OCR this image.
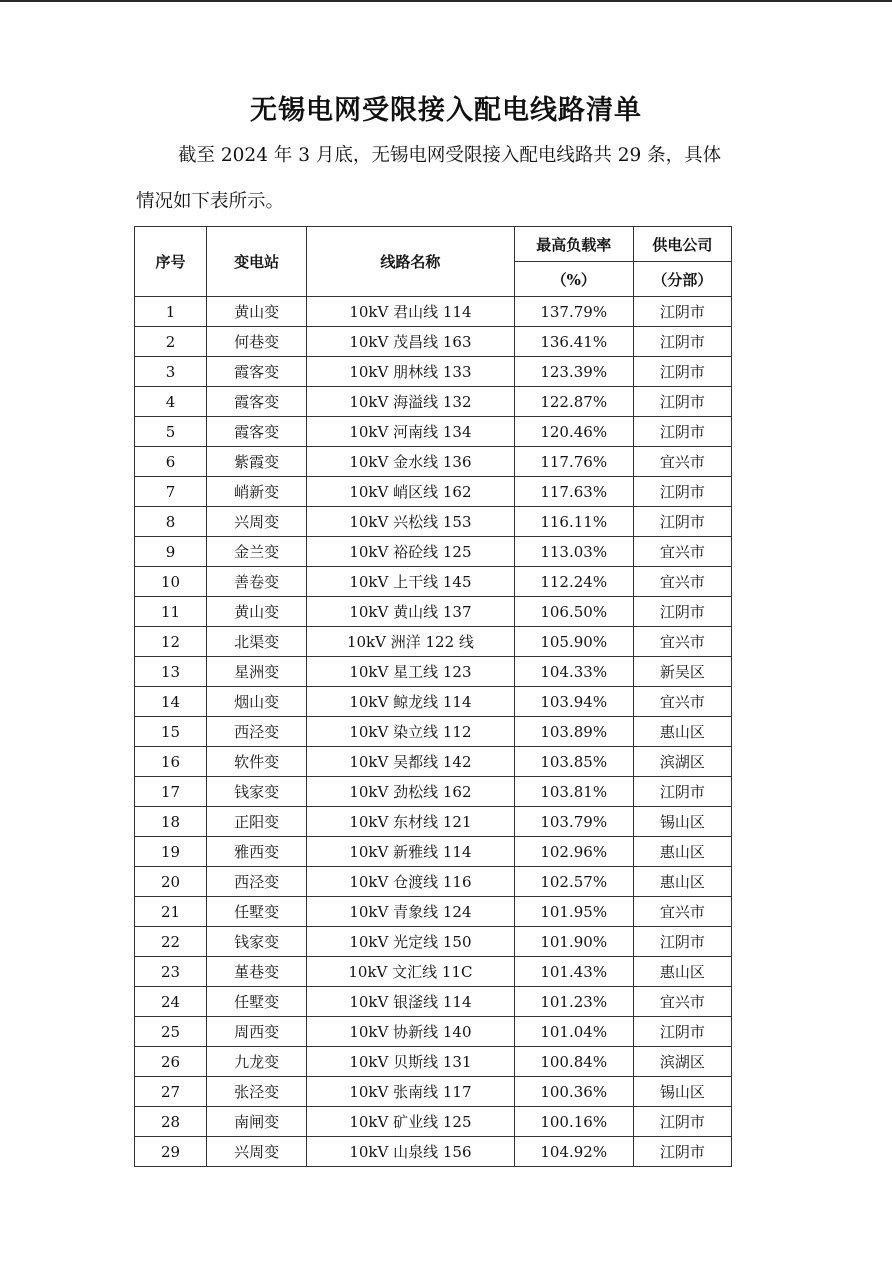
无锡电网受限接入配电线路清单
截至 2024 年 3 月底，无锡电网受限接入配电线路共 29 条，具体
情况如下表所示。
序号	变电站	线路名称	最高负载率	供电公司
			（%）	（分部）
1	黄山变	10kV 君山线 114	137.79%	江阴市
2	何巷变	10kV 茂昌线 163	136.41%	江阴市
3	霞客变	10kV 朋林线 133	123.39%	江阴市
4	霞客变	10kV 海溢线 132	122.87%	江阴市
5	霞客变	10kV 河南线 134	120.46%	江阴市
6	紫霞变	10kV 金水线 136	117.76%	宜兴市
7	峭新变	10kV 峭区线 162	117.63%	江阴市
8	兴周变	10kV 兴松线 153	116.11%	江阴市
9	金兰变	10kV 裕砼线 125	113.03%	宜兴市
10	善卷变	10kV 上干线 145	112.24%	宜兴市
11	黄山变	10kV 黄山线 137	106.50%	江阴市
12	北渠变	10kV 洲洋 122 线	105.90%	宜兴市
13	星洲变	10kV 星工线 123	104.33%	新吴区
14	烟山变	10kV 鲸龙线 114	103.94%	宜兴市
15	西泾变	10kV 染立线 112	103.89%	惠山区
16	软件变	10kV 吴都线 142	103.85%	滨湖区
17	钱家变	10kV 劲松线 162	103.81%	江阴市
18	正阳变	10kV 东材线 121	103.79%	锡山区
19	雅西变	10kV 新雅线 114	102.96%	惠山区
20	西泾变	10kV 仓渡线 116	102.57%	惠山区
21	任墅变	10kV 青象线 124	101.95%	宜兴市
22	钱家变	10kV 光定线 150	101.90%	江阴市
23	堇巷变	10kV 文汇线 11C	101.43%	惠山区
24	任墅变	10kV 银滏线 114	101.23%	宜兴市
25	周西变	10kV 协新线 140	101.04%	江阴市
26	九龙变	10kV 贝斯线 131	100.84%	滨湖区
27	张泾变	10kV 张南线 117	100.36%	锡山区
28	南闸变	10kV 矿业线 125	100.16%	江阴市
29	兴周变	10kV 山泉线 156	104.92%	江阴市
